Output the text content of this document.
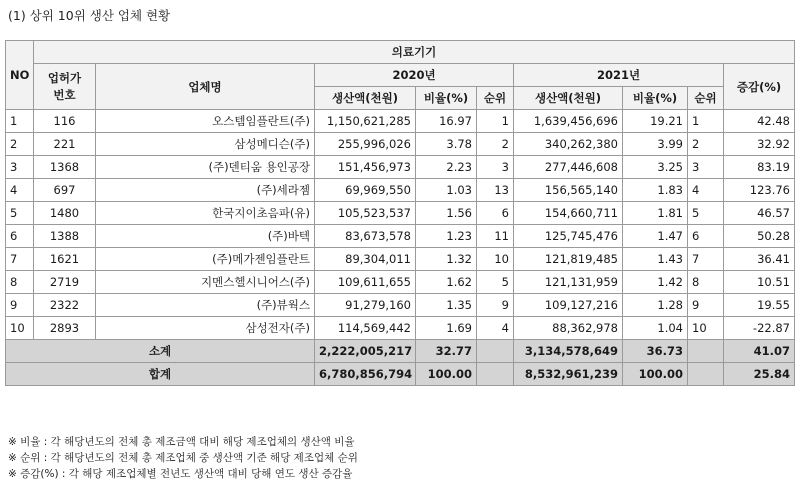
(1) 상위 10위 생산 업체 현황
NO	의료기기								
	업허가
번호	업체명	2020년			2021년			증감(%)
			생산액(천원)	비율(%)	순위	생산액(천원)	비율(%)	순위	
1	116	오스템임플란트(주)	1,150,621,285	16.97	1	1,639,456,696	19.21	1	42.48
2	221	삼성메디슨(주)	255,996,026	3.78	2	340,262,380	3.99	2	32.92
3	1368	(주)덴티움 용인공장	151,456,973	2.23	3	277,446,608	3.25	3	83.19
4	697	(주)세라젬	69,969,550	1.03	13	156,565,140	1.83	4	123.76
5	1480	한국지이초음파(유)	105,523,537	1.56	6	154,660,711	1.81	5	46.57
6	1388	(주)바텍	83,673,578	1.23	11	125,745,476	1.47	6	50.28
7	1621	(주)메가젠임플란트	89,304,011	1.32	10	121,819,485	1.43	7	36.41
8	2719	지멘스헬시니어스(주)	109,611,655	1.62	5	121,131,959	1.42	8	10.51
9	2322	(주)뷰웍스	91,279,160	1.35	9	109,127,216	1.28	9	19.55
10	2893	삼성전자(주)	114,569,442	1.69	4	88,362,978	1.04	10	-22.87
소계			2,222,005,217	32.77		3,134,578,649	36.73		41.07
합계			6,780,856,794	100.00		8,532,961,239	100.00		25.84
※ 비율 : 각 해당년도의 전체 총 제조금액 대비 해당 제조업체의 생산액 비율
※ 순위 : 각 해당년도의 전체 총 제조업체 중 생산액 기준 해당 제조업체 순위
※ 증감(%) : 각 해당 제조업체별 전년도 생산액 대비 당해 연도 생산 증감율
